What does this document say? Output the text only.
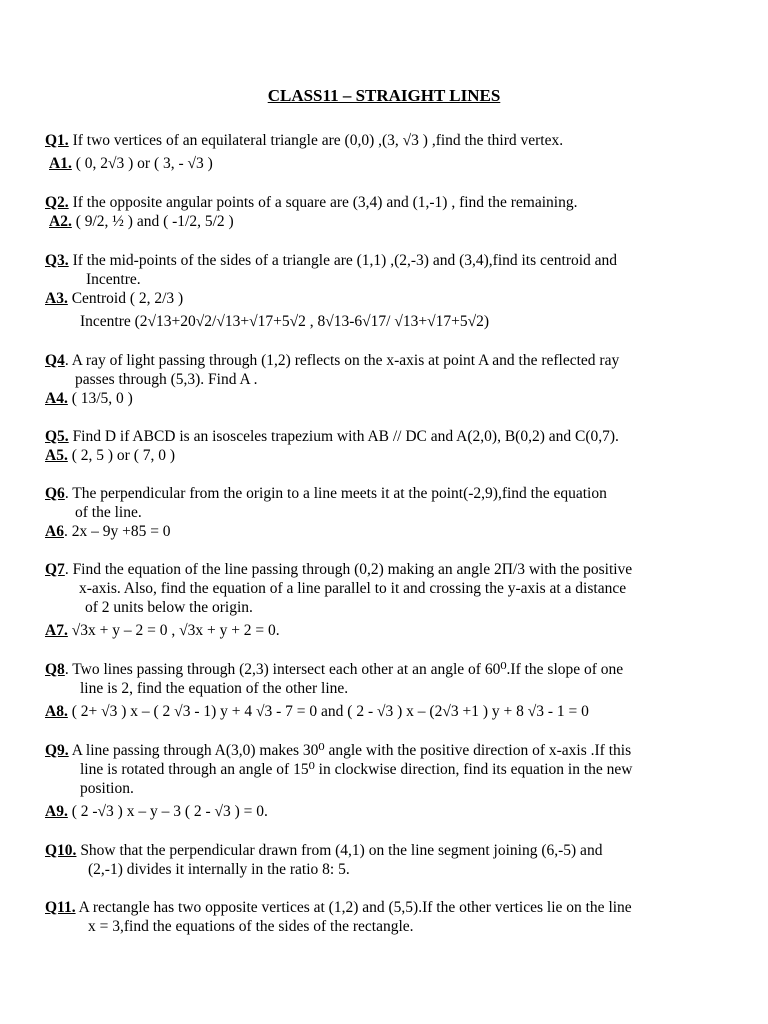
CLASS11 – STRAIGHT LINES
Q1. If two vertices of an equilateral triangle are (0,0) ,(3, √3 ) ,find the third vertex.
A1. ( 0, 2√3 ) or ( 3, - √3 )
Q2. If the opposite angular points of a square are (3,4) and (1,-1) , find the remaining.
A2. ( 9/2, ½ ) and ( -1/2, 5/2 )
Q3. If the mid-points of the sides of a triangle are (1,1) ,(2,-3) and (3,4),find its centroid and
Incentre.
A3. Centroid ( 2, 2/3 )
Incentre (2√13+20√2/√13+√17+5√2 , 8√13-6√17/ √13+√17+5√2)
Q4. A ray of light passing through (1,2) reflects on the x-axis at point A and the reflected ray
passes through (5,3). Find A .
A4. ( 13/5, 0 )
Q5. Find D if ABCD is an isosceles trapezium with AB // DC and A(2,0), B(0,2) and C(0,7).
A5. ( 2, 5 ) or ( 7, 0 )
Q6. The perpendicular from the origin to a line meets it at the point(-2,9),find the equation
of the line.
A6. 2x – 9y +85 = 0
Q7. Find the equation of the line passing through (0,2) making an angle 2Π/3 with the positive
x-axis. Also, find the equation of a line parallel to it and crossing the y-axis at a distance
of 2 units below the origin.
A7. √3x + y – 2 = 0 , √3x + y + 2 = 0.
Q8. Two lines passing through (2,3) intersect each other at an angle of 60⁰.If the slope of one
line is 2, find the equation of the other line.
A8. ( 2+ √3 ) x – ( 2 √3 - 1) y + 4 √3 - 7 = 0 and ( 2 - √3 ) x – (2√3 +1 ) y + 8 √3 - 1 = 0
Q9. A line passing through A(3,0) makes 30⁰ angle with the positive direction of x-axis .If this
line is rotated through an angle of 15⁰ in clockwise direction, find its equation in the new
position.
A9. ( 2 -√3 ) x – y – 3 ( 2 - √3 ) = 0.
Q10. Show that the perpendicular drawn from (4,1) on the line segment joining (6,-5) and
(2,-1) divides it internally in the ratio 8: 5.
Q11. A rectangle has two opposite vertices at (1,2) and (5,5).If the other vertices lie on the line
x = 3,find the equations of the sides of the rectangle.
